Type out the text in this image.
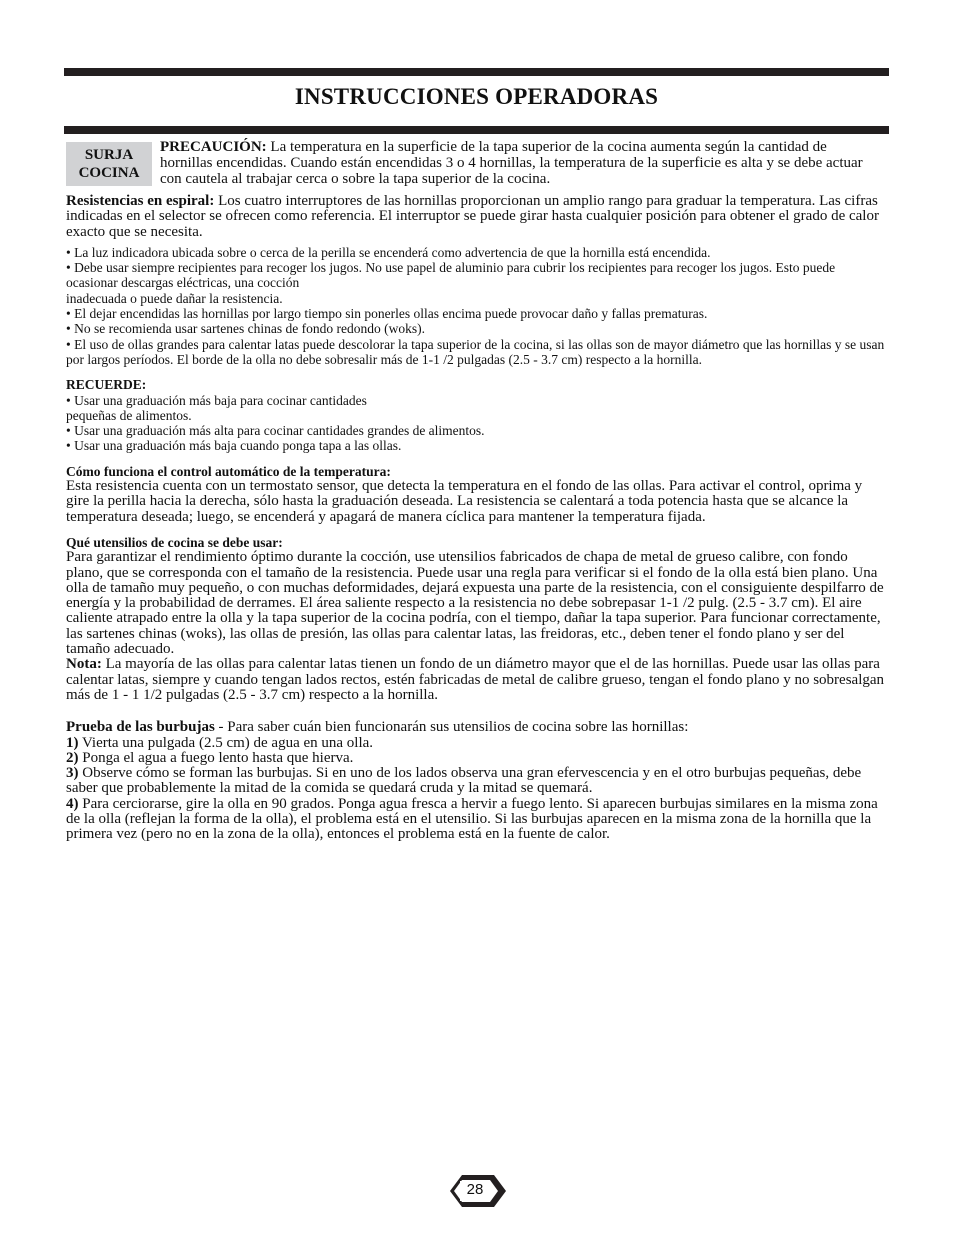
INSTRUCCIONES OPERADORAS
SURJA
COCINA
PRECAUCIÓN: La temperatura en la superficie de la tapa superior de la cocina aumenta según la cantidad de hornillas encendidas. Cuando están encendidas 3 o 4 hornillas, la temperatura de la superficie es alta y se debe actuar con cautela al trabajar cerca o sobre la tapa superior de la cocina.

Resistencias en espiral: Los cuatro interruptores de las hornillas proporcionan un amplio rango para graduar la temperatura. Las cifras indicadas en el selector se ofrecen como referencia. El interruptor se puede girar hasta cualquier posición para obtener el grado de calor exacto que se necesita.

• La luz indicadora ubicada sobre o cerca de la perilla se encenderá como advertencia de que la hornilla está encendida.

• Debe usar siempre recipientes para recoger los jugos. No use papel de aluminio para cubrir los recipientes para recoger los jugos. Esto puede ocasionar descargas eléctricas, una cocción

inadecuada o puede dañar la resistencia.

• El dejar encendidas las hornillas por largo tiempo sin ponerles ollas encima puede provocar daño y fallas prematuras.

• No se recomienda usar sartenes chinas de fondo redondo (woks).

• El uso de ollas grandes para calentar latas puede descolorar la tapa superior de la cocina, si las ollas son de mayor diámetro que las hornillas y se usan por largos períodos. El borde de la olla no debe sobresalir más de 1-1 /2 pulgadas (2.5 - 3.7 cm) respecto a la hornilla.

RECUERDE:

• Usar una graduación más baja para cocinar cantidades

pequeñas de alimentos.

• Usar una graduación más alta para cocinar cantidades grandes de alimentos.

• Usar una graduación más baja cuando ponga tapa a las ollas.

Cómo funciona el control automático de la temperatura:

Esta resistencia cuenta con un termostato sensor, que detecta la temperatura en el fondo de las ollas. Para activar el control, oprima y gire la perilla hacia la derecha, sólo hasta la graduación deseada. La resistencia se calentará a toda potencia hasta que se alcance la temperatura deseada; luego, se encenderá y apagará de manera cíclica para mantener la temperatura fijada.

Qué utensilios de cocina se debe usar:

Para garantizar el rendimiento óptimo durante la cocción, use utensilios fabricados de chapa de metal de grueso calibre, con fondo plano, que se corresponda con el tamaño de la resistencia. Puede usar una regla para verificar si el fondo de la olla está bien plano. Una olla de tamaño muy pequeño, o con muchas deformidades, dejará expuesta una parte de la resistencia, con el consiguiente despilfarro de energía y la probabilidad de derrames. El área saliente respecto a la resistencia no debe sobrepasar 1-1 /2 pulg. (2.5 - 3.7 cm). El aire caliente atrapado entre la olla y la tapa superior de la cocina podría, con el tiempo, dañar la tapa superior. Para funcionar correctamente, las sartenes chinas (woks), las ollas de presión, las ollas para calentar latas, las freidoras, etc., deben tener el fondo plano y ser del tamaño adecuado.

Nota: La mayoría de las ollas para calentar latas tienen un fondo de un diámetro mayor que el de las hornillas. Puede usar las ollas para calentar latas, siempre y cuando tengan lados rectos, estén fabricadas de metal de calibre grueso, tengan el fondo plano y no sobresalgan más de 1 - 1 1/2 pulgadas (2.5 - 3.7 cm) respecto a la hornilla.

Prueba de las burbujas - Para saber cuán bien funcionarán sus utensilios de cocina sobre las hornillas:

1) Vierta una pulgada (2.5 cm) de agua en una olla.

2) Ponga el agua a fuego lento hasta que hierva.

3) Observe cómo se forman las burbujas. Si en uno de los lados observa una gran efervescencia y en el otro burbujas pequeñas, debe saber que probablemente la mitad de la comida se quedará cruda y la mitad se quemará.

4) Para cerciorarse, gire la olla en 90 grados. Ponga agua fresca a hervir a fuego lento. Si aparecen burbujas similares en la misma zona de la olla (reflejan la forma de la olla), el problema está en el utensilio. Si las burbujas aparecen en la misma zona de la hornilla que la primera vez (pero no en la zona de la olla), entonces el problema está en la fuente de calor.

28
